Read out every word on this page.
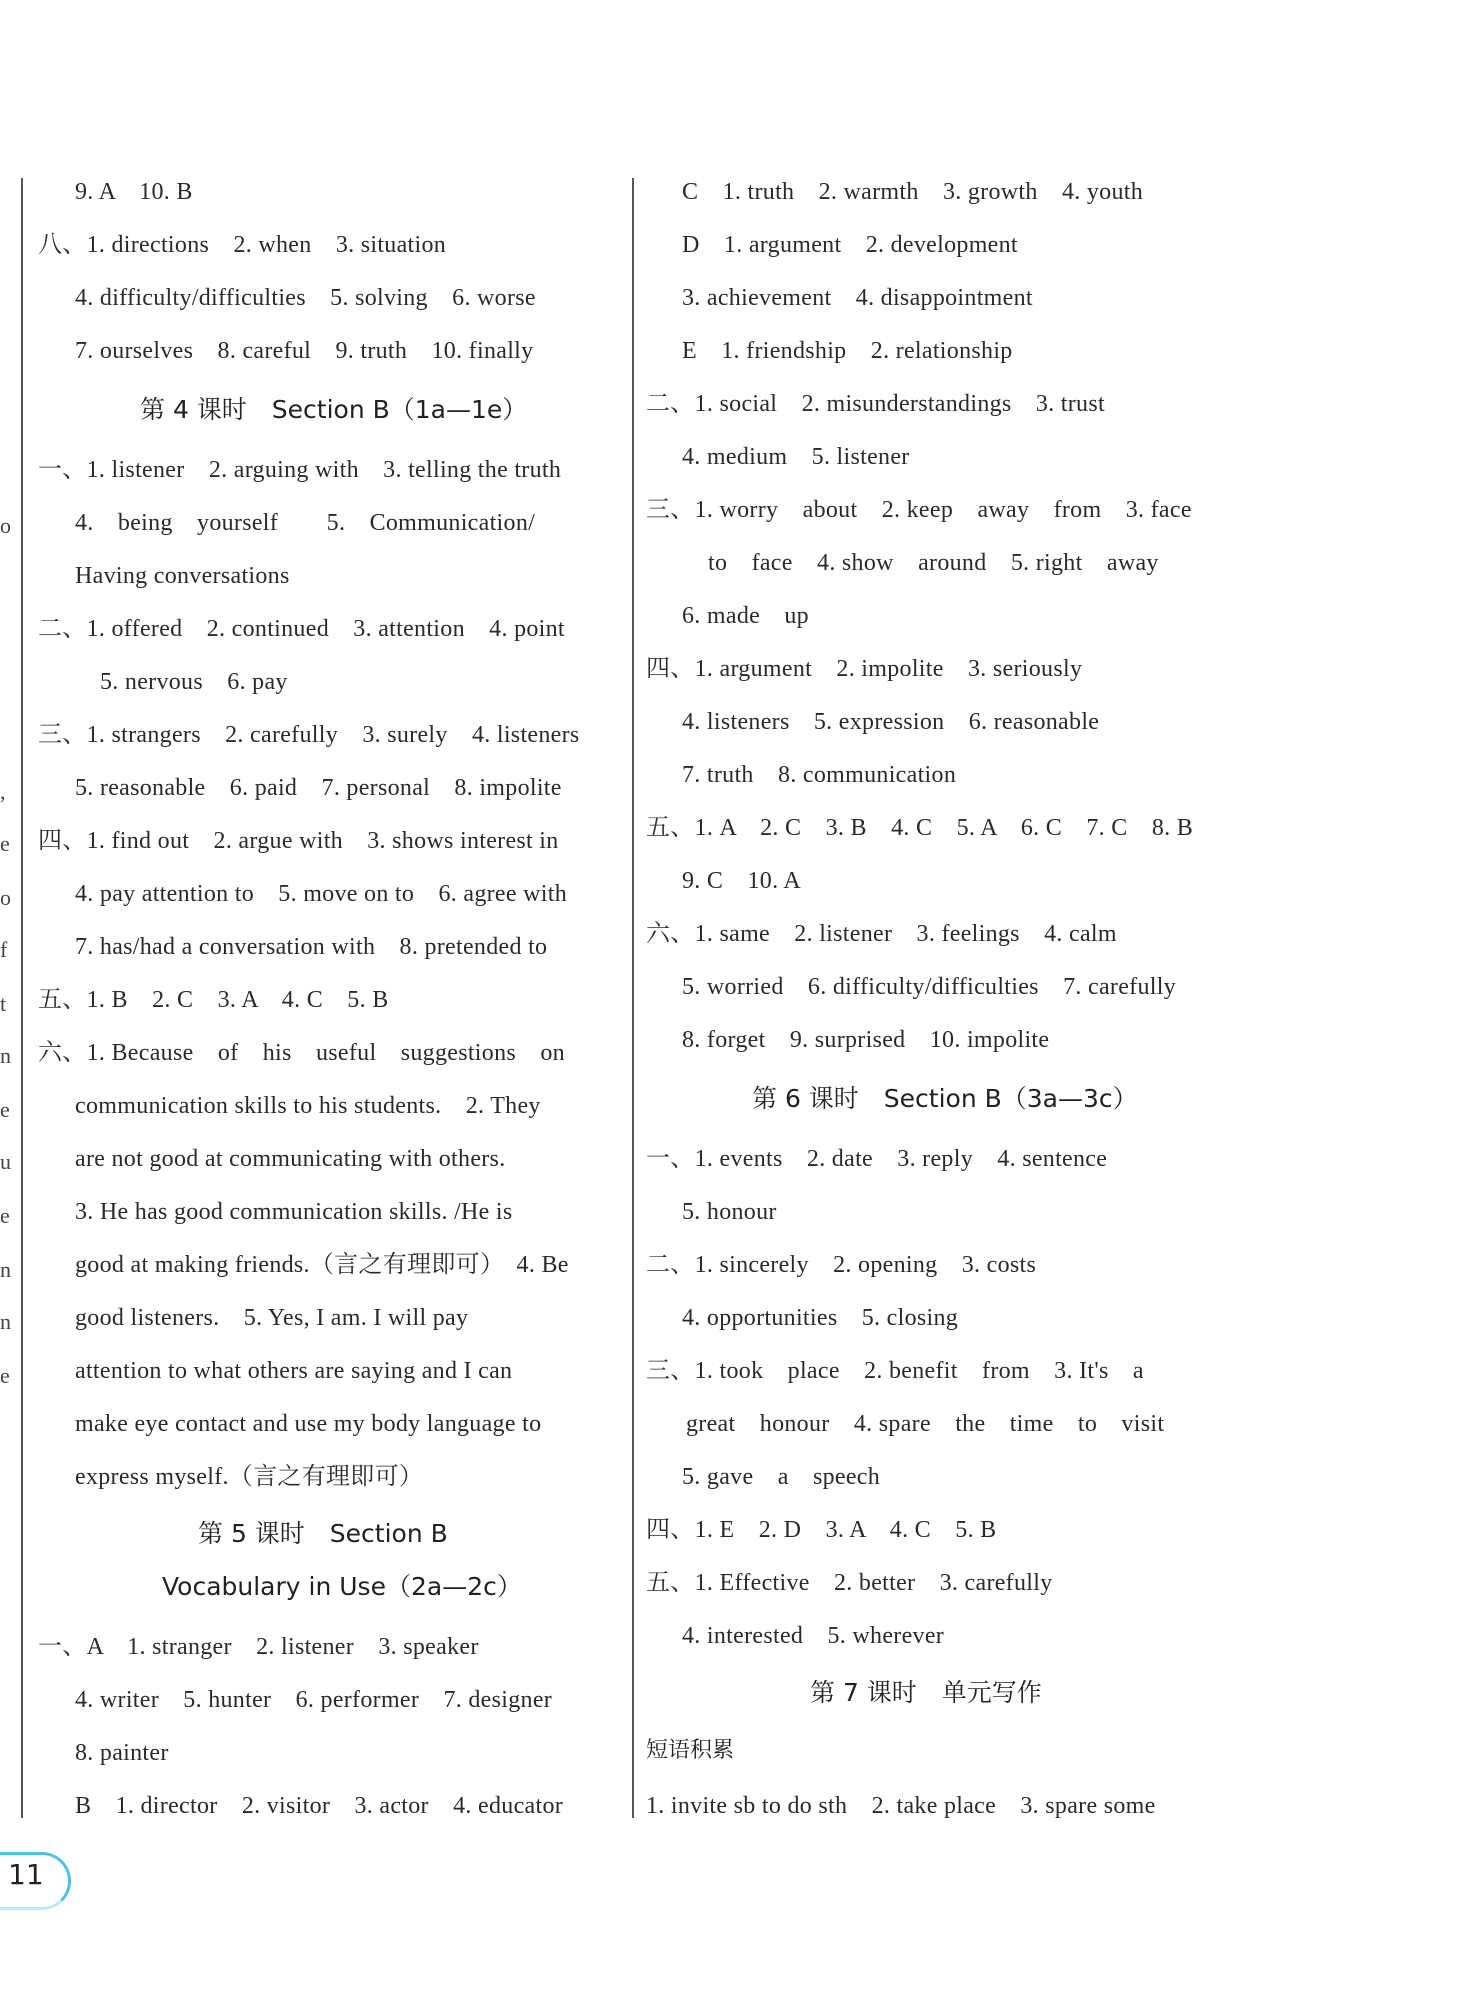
o
,
e
o
f
t
n
e
u
e
n
n
e
9. A　10. B
八、1. directions　2. when　3. situation
4. difficulty/difficulties　5. solving　6. worse
7. ourselves　8. careful　9. truth　10. finally
第 4 课时　Section B（1a—1e）
一、1. listener　2. arguing with　3. telling the truth
4.　being　yourself　　5.　Communication/
Having conversations
二、1. offered　2. continued　3. attention　4. point
5. nervous　6. pay
三、1. strangers　2. carefully　3. surely　4. listeners
5. reasonable　6. paid　7. personal　8. impolite
四、1. find out　2. argue with　3. shows interest in
4. pay attention to　5. move on to　6. agree with
7. has/had a conversation with　8. pretended to
五、1. B　2. C　3. A　4. C　5. B
六、1. Because　of　his　useful　suggestions　on
communication skills to his students.　2. They
are not good at communicating with others.
3. He has good communication skills. /He is
good at making friends.（言之有理即可）　4. Be
good listeners.　5. Yes, I am. I will pay
attention to what others are saying and I can
make eye contact and use my body language to
express myself.（言之有理即可）
第 5 课时　Section B
Vocabulary in Use（2a—2c）
一、A　1. stranger　2. listener　3. speaker
4. writer　5. hunter　6. performer　7. designer
8. painter
B　1. director　2. visitor　3. actor　4. educator
C　1. truth　2. warmth　3. growth　4. youth
D　1. argument　2. development
3. achievement　4. disappointment
E　1. friendship　2. relationship
二、1. social　2. misunderstandings　3. trust
4. medium　5. listener
三、1. worry　about　2. keep　away　from　3. face
to　face　4. show　around　5. right　away
6. made　up
四、1. argument　2. impolite　3. seriously
4. listeners　5. expression　6. reasonable
7. truth　8. communication
五、1. A　2. C　3. B　4. C　5. A　6. C　7. C　8. B
9. C　10. A
六、1. same　2. listener　3. feelings　4. calm
5. worried　6. difficulty/difficulties　7. carefully
8. forget　9. surprised　10. impolite
第 6 课时　Section B（3a—3c）
一、1. events　2. date　3. reply　4. sentence
5. honour
二、1. sincerely　2. opening　3. costs
4. opportunities　5. closing
三、1. took　place　2. benefit　from　3. It's　a
great　honour　4. spare　the　time　to　visit
5. gave　a　speech
四、1. E　2. D　3. A　4. C　5. B
五、1. Effective　2. better　3. carefully
4. interested　5. wherever
第 7 课时　单元写作
短语积累
1. invite sb to do sth　2. take place　3. spare some
11
